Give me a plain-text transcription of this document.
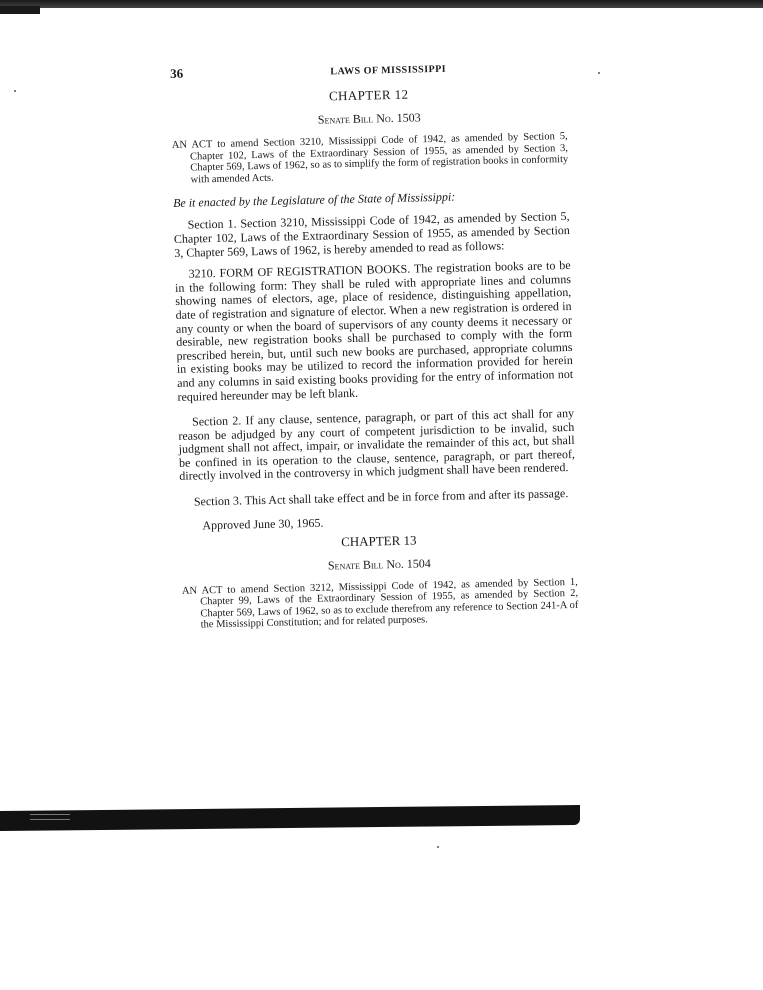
36	LAWS OF MISSISSIPPI
CHAPTER 12
Senate Bill No. 1503
AN ACT to amend Section 3210, Mississippi Code of 1942, as amended by Section 5, Chapter 102, Laws of the Extraordinary Session of 1955, as amended by Section 3, Chapter 569, Laws of 1962, so as to simplify the form of registration books in conformity with amended Acts.
Be it enacted by the Legislature of the State of Mississippi:
Section 1. Section 3210, Mississippi Code of 1942, as amended by Section 5, Chapter 102, Laws of the Extraordinary Session of 1955, as amended by Section 3, Chapter 569, Laws of 1962, is hereby amended to read as follows:
3210. FORM OF REGISTRATION BOOKS. The registration books are to be in the following form: They shall be ruled with appropriate lines and columns showing names of electors, age, place of residence, distinguishing appellation, date of registration and signature of elector. When a new registration is ordered in any county or when the board of supervisors of any county deems it necessary or desirable, new registration books shall be purchased to comply with the form prescribed herein, but, until such new books are purchased, appropriate columns in existing books may be utilized to record the information provided for herein and any columns in said existing books providing for the entry of information not required hereunder may be left blank.
Section 2. If any clause, sentence, paragraph, or part of this act shall for any reason be adjudged by any court of competent jurisdiction to be invalid, such judgment shall not affect, impair, or invalidate the remainder of this act, but shall be confined in its operation to the clause, sentence, paragraph, or part thereof, directly involved in the controversy in which judgment shall have been rendered.
Section 3. This Act shall take effect and be in force from and after its passage.
Approved June 30, 1965.
CHAPTER 13
Senate Bill No. 1504
AN ACT to amend Section 3212, Mississippi Code of 1942, as amended by Section 1, Chapter 99, Laws of the Extraordinary Session of 1955, as amended by Section 2, Chapter 569, Laws of 1962, so as to exclude therefrom any reference to Section 241-A of the Mississippi Constitution; and for related purposes.
